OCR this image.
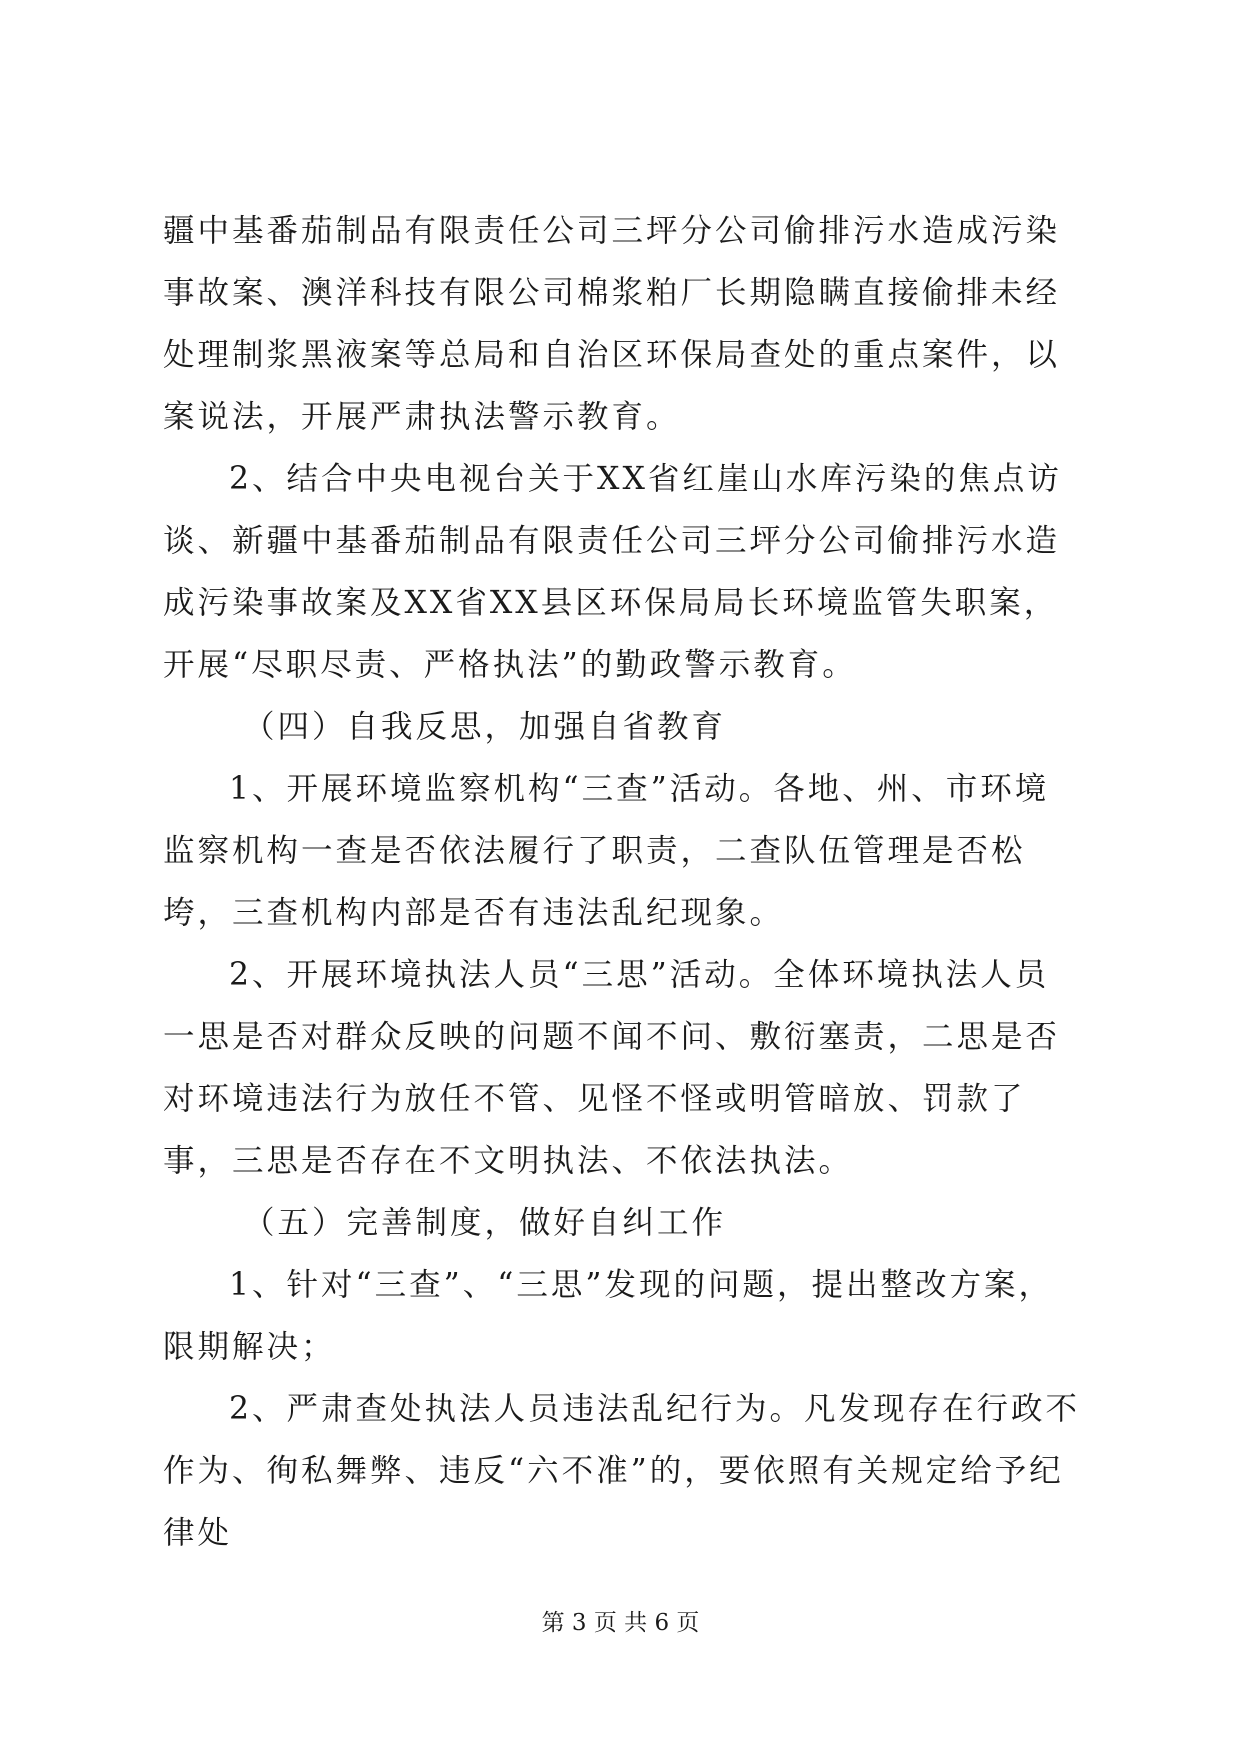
疆中基番茄制品有限责任公司三坪分公司偷排污水造成污染事故案、澳洋科技有限公司棉浆粕厂长期隐瞒直接偷排未经处理制浆黑液案等总局和自治区环保局查处的重点案件，以案说法，开展严肃执法警示教育。

2、结合中央电视台关于XX省红崖山水库污染的焦点访谈、新疆中基番茄制品有限责任公司三坪分公司偷排污水造成污染事故案及XX省XX县区环保局局长环境监管失职案，开展“尽职尽责、严格执法”的勤政警示教育。

（四）自我反思，加强自省教育

1、开展环境监察机构“三查”活动。各地、州、市环境监察机构一查是否依法履行了职责，二查队伍管理是否松垮，三查机构内部是否有违法乱纪现象。

2、开展环境执法人员“三思”活动。全体环境执法人员一思是否对群众反映的问题不闻不问、敷衍塞责，二思是否对环境违法行为放任不管、见怪不怪或明管暗放、罚款了事，三思是否存在不文明执法、不依法执法。

（五）完善制度，做好自纠工作

1、针对“三查”、“三思”发现的问题，提出整改方案，限期解决；

2、严肃查处执法人员违法乱纪行为。凡发现存在行政不作为、徇私舞弊、违反“六不准”的，要依照有关规定给予纪律处

第 3 页 共 6 页
